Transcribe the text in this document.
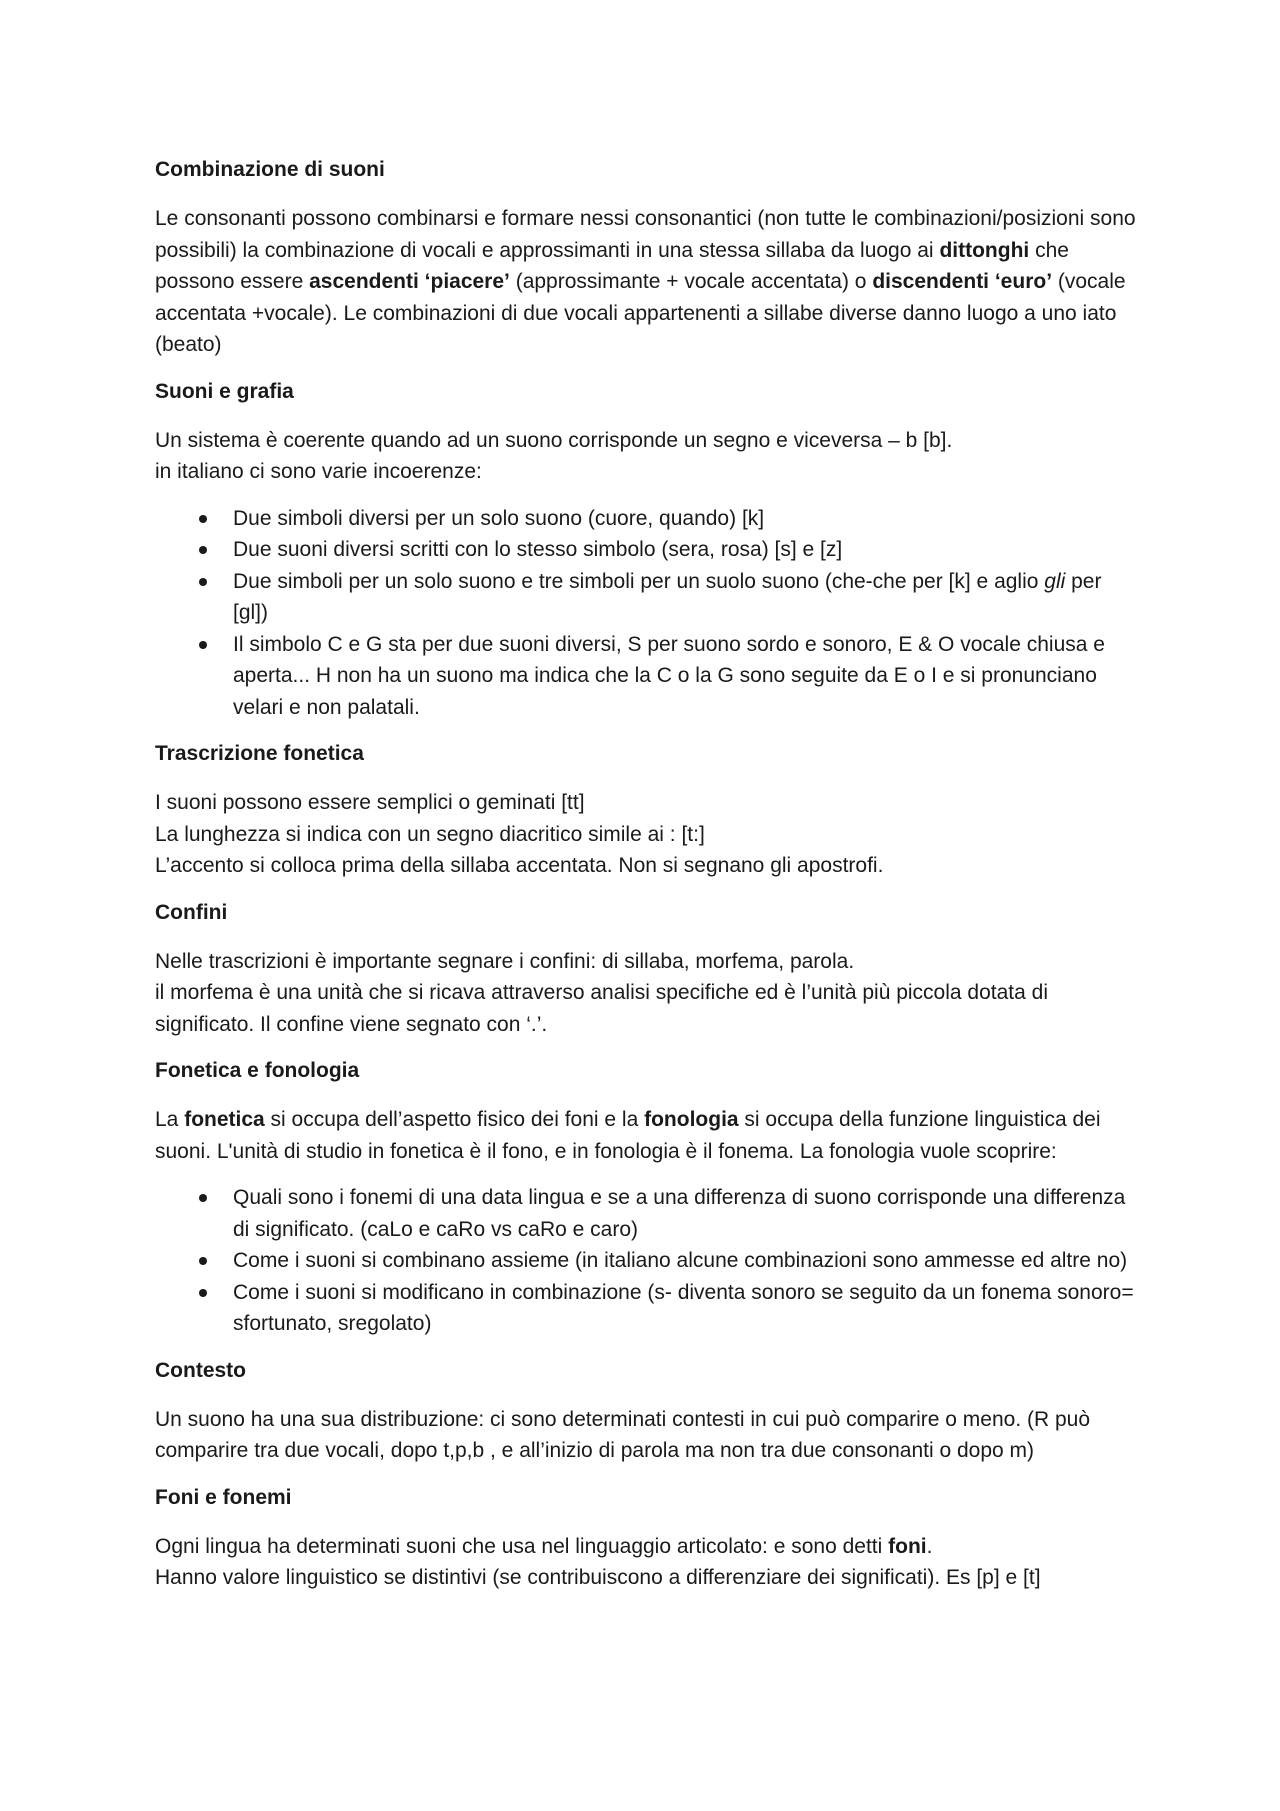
Combinazione di suoni

Le consonanti possono combinarsi e formare nessi consonantici (non tutte le combinazioni/posizioni sono possibili) la combinazione di vocali e approssimanti in una stessa sillaba da luogo ai dittonghi che possono essere ascendenti ‘piacere’ (approssimante + vocale accentata) o discendenti ‘euro’ (vocale accentata +vocale). Le combinazioni di due vocali appartenenti a sillabe diverse danno luogo a uno iato (beato)

Suoni e grafia

Un sistema è coerente quando ad un suono corrisponde un segno e viceversa – b [b].

in italiano ci sono varie incoerenze:

Due simboli diversi per un solo suono (cuore, quando) [k]
Due suoni diversi scritti con lo stesso simbolo (sera, rosa) [s] e [z]
Due simboli per un solo suono e tre simboli per un suolo suono (che-che per [k] e aglio gli per [gl])
Il simbolo C e G sta per due suoni diversi, S per suono sordo e sonoro, E & O vocale chiusa e aperta... H non ha un suono ma indica che la C o la G sono seguite da E o I e si pronunciano velari e non palatali.
Trascrizione fonetica

I suoni possono essere semplici o geminati [tt]

La lunghezza si indica con un segno diacritico simile ai : [t:]

L’accento si colloca prima della sillaba accentata. Non si segnano gli apostrofi.

Confini

Nelle trascrizioni è importante segnare i confini: di sillaba, morfema, parola.

il morfema è una unità che si ricava attraverso analisi specifiche ed è l’unità più piccola dotata di significato. Il confine viene segnato con ‘.’.

Fonetica e fonologia

La fonetica si occupa dell’aspetto fisico dei foni e la fonologia si occupa della funzione linguistica dei suoni. L'unità di studio in fonetica è il fono, e in fonologia è il fonema. La fonologia vuole scoprire:

Quali sono i fonemi di una data lingua e se a una differenza di suono corrisponde una differenza di significato. (caLo e caRo vs caRo e caro)
Come i suoni si combinano assieme (in italiano alcune combinazioni sono ammesse ed altre no)
Come i suoni si modificano in combinazione (s- diventa sonoro se seguito da un fonema sonoro= sfortunato, sregolato)
Contesto

Un suono ha una sua distribuzione: ci sono determinati contesti in cui può comparire o meno. (R può comparire tra due vocali, dopo t,p,b , e all’inizio di parola ma non tra due consonanti o dopo m)

Foni e fonemi

Ogni lingua ha determinati suoni che usa nel linguaggio articolato: e sono detti foni.

Hanno valore linguistico se distintivi (se contribuiscono a differenziare dei significati). Es [p] e [t]
